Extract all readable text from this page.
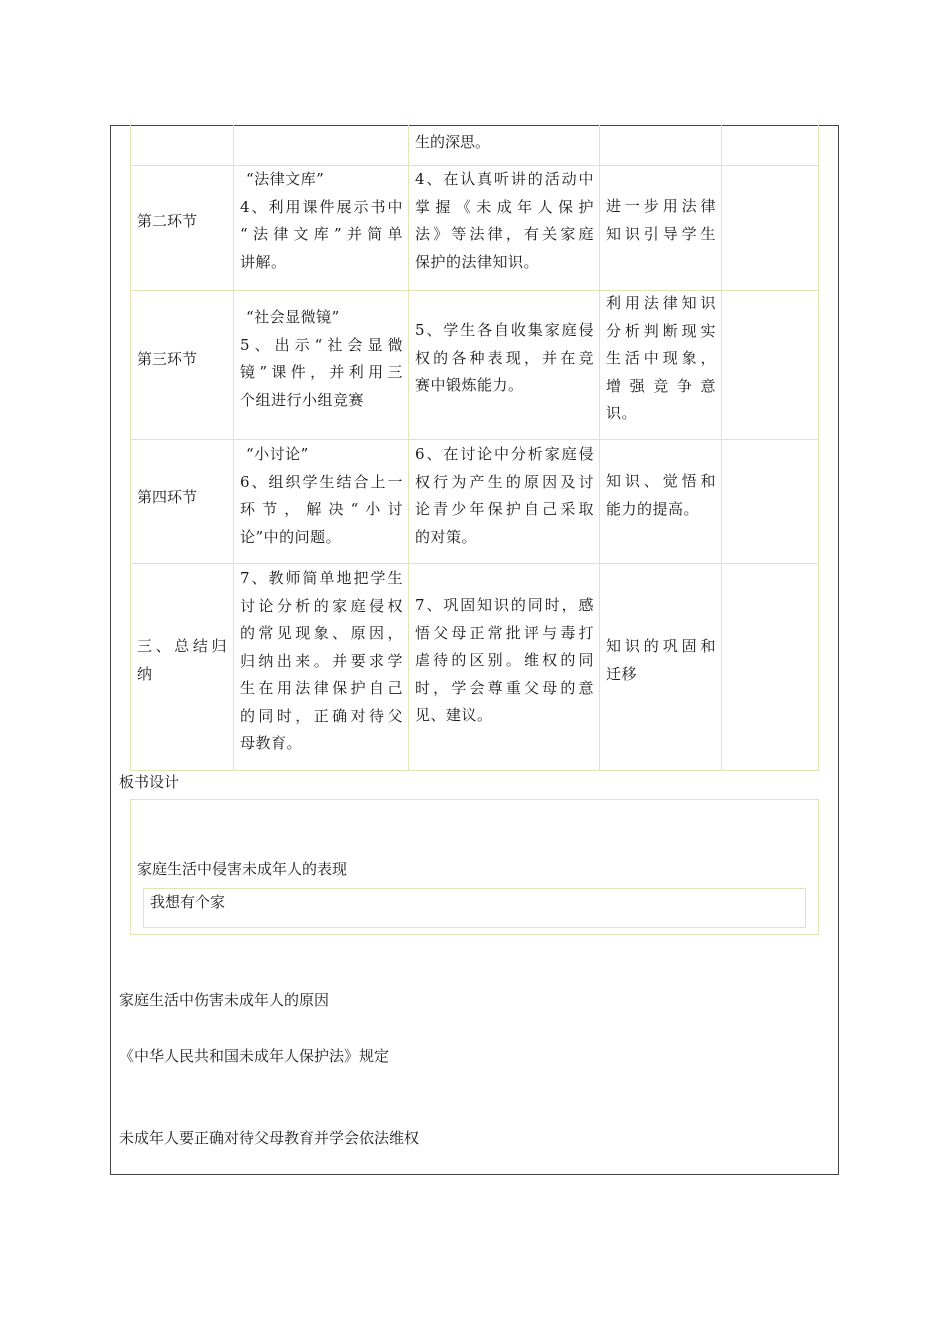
生的深思。
第二环节
“法律文库”
4、利用课件展示书中
“法律文库”并简单
讲解。
4、在认真听讲的活动中
掌握《未成年人保护
法》等法律，有关家庭
保护的法律知识。
进一步用法律
知识引导学生
第三环节
“社会显微镜”
5、出示“社会显微
镜”课件，并利用三
个组进行小组竞赛
5、学生各自收集家庭侵
权的各种表现，并在竞
赛中锻炼能力。
利用法律知识
分析判断现实
生活中现象，
增强竞争意
识。
第四环节
“小讨论”
6、组织学生结合上一
环节，解决“小讨
论”中的问题。
6、在讨论中分析家庭侵
权行为产生的原因及讨
论青少年保护自己采取
的对策。
知识、觉悟和
能力的提高。
三、总结归
纳
7、教师简单地把学生
讨论分析的家庭侵权
的常见现象、原因，
归纳出来。并要求学
生在用法律保护自己
的同时，正确对待父
母教育。
7、巩固知识的同时，感
悟父母正常批评与毒打
虐待的区别。维权的同
时，学会尊重父母的意
见、建议。
知识的巩固和
迁移
板书设计
家庭生活中侵害未成年人的表现
我想有个家
家庭生活中伤害未成年人的原因
《中华人民共和国未成年人保护法》规定
未成年人要正确对待父母教育并学会依法维权
